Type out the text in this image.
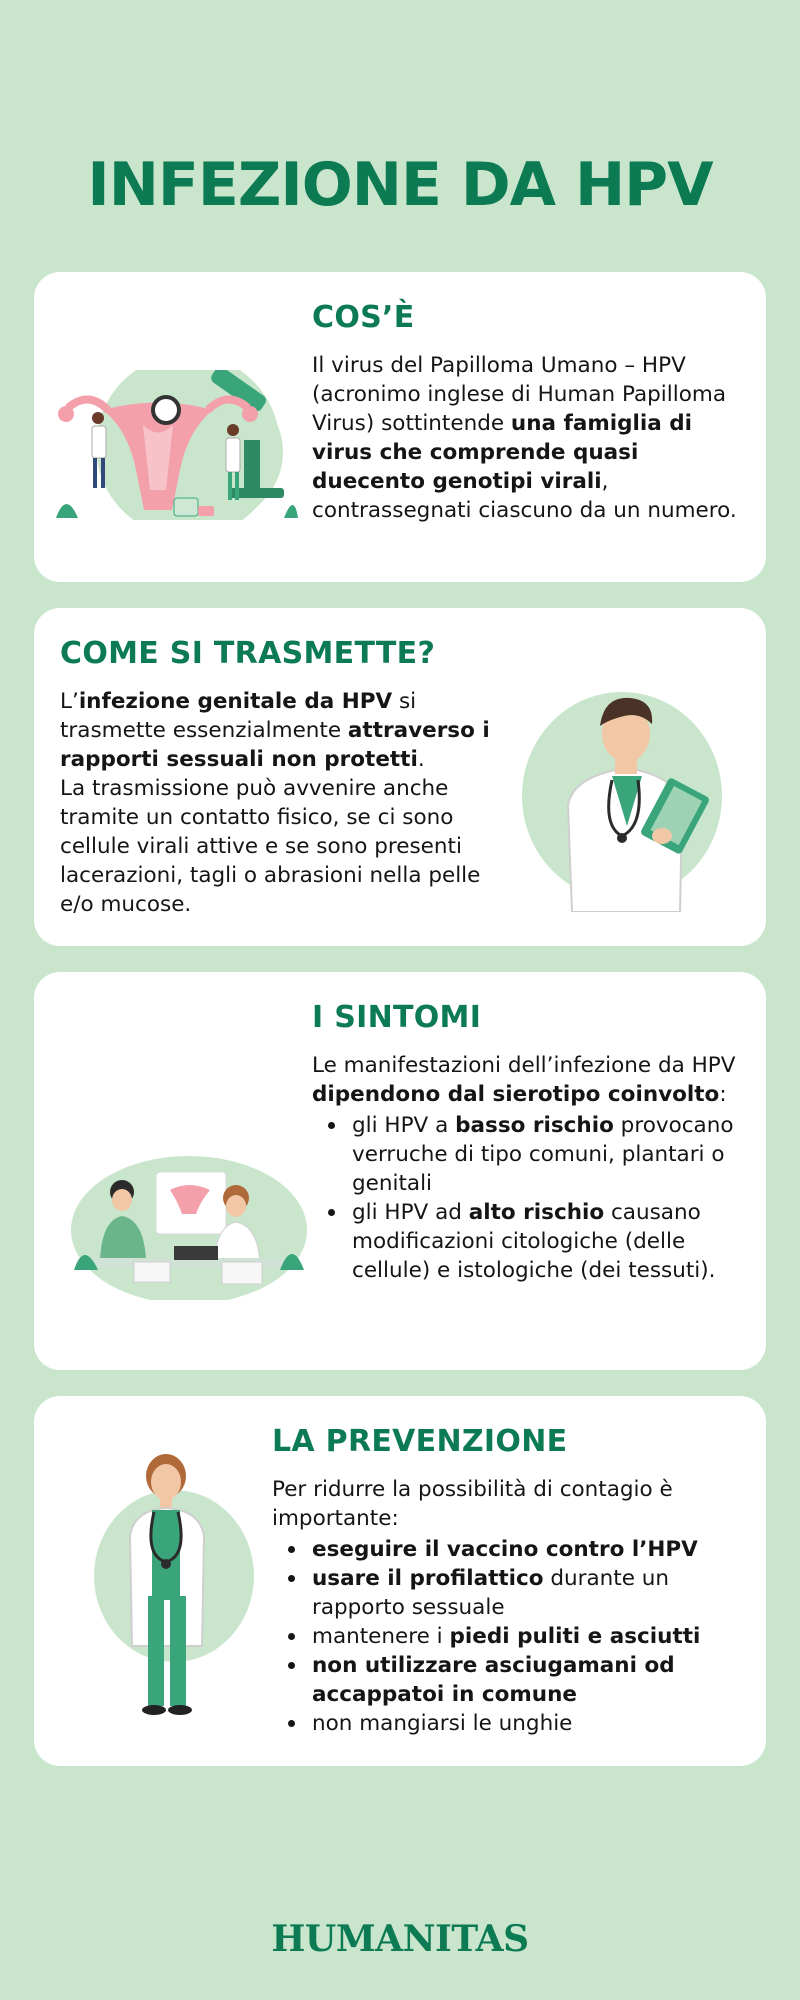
INFEZIONE DA HPV
COS’È
Il virus del Papilloma Umano – HPV (acronimo inglese di Human Papilloma Virus) sottintende una famiglia di virus che comprende quasi duecento genotipi virali, contrassegnati ciascuno da un numero.
COME SI TRASMETTE?
L’infezione genitale da HPV si trasmette essenzialmente attraverso i rapporti sessuali non protetti.
La trasmissione può avvenire anche tramite un contatto fisico, se ci sono cellule virali attive e se sono presenti lacerazioni, tagli o abrasioni nella pelle e/o mucose.
I SINTOMI
Le manifestazioni dell’infezione da HPV dipendono dal sierotipo coinvolto:
gli HPV a basso rischio provocano verruche di tipo comuni, plantari o genitali
gli HPV ad alto rischio causano modificazioni citologiche (delle cellule) e istologiche (dei tessuti).
LA PREVENZIONE
Per ridurre la possibilità di contagio è importante:
eseguire il vaccino contro l’HPV
usare il profilattico durante un rapporto sessuale
mantenere i piedi puliti e asciutti
non utilizzare asciugamani od accappatoi in comune
non mangiarsi le unghie
HUMANITAS
